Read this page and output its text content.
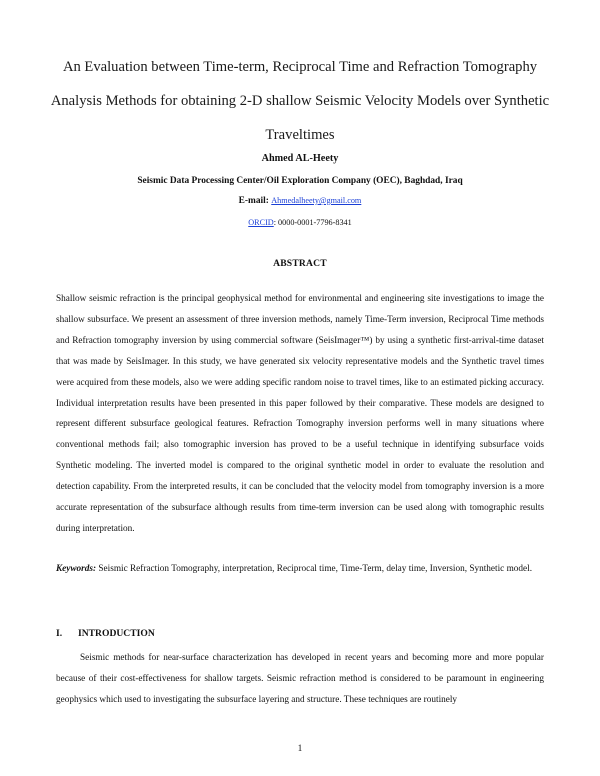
An Evaluation between Time-term, Reciprocal Time and Refraction Tomography Analysis Methods for obtaining 2-D shallow Seismic Velocity Models over Synthetic Traveltimes
Ahmed AL-Heety
Seismic Data Processing Center/Oil Exploration Company (OEC), Baghdad, Iraq
E-mail: Ahmedalheety@gmail.com
ORCID: 0000-0001-7796-8341
ABSTRACT
Shallow seismic refraction is the principal geophysical method for environmental and engineering site investigations to image the shallow subsurface. We present an assessment of three inversion methods, namely Time-Term inversion, Reciprocal Time methods and Refraction tomography inversion by using commercial software (SeisImager™) by using a synthetic first-arrival-time dataset that was made by SeisImager. In this study, we have generated six velocity representative models and the Synthetic travel times were acquired from these models, also we were adding specific random noise to travel times, like to an estimated picking accuracy. Individual interpretation results have been presented in this paper followed by their comparative. These models are designed to represent different subsurface geological features. Refraction Tomography inversion performs well in many situations where conventional methods fail; also tomographic inversion has proved to be a useful technique in identifying subsurface voids Synthetic modeling. The inverted model is compared to the original synthetic model in order to evaluate the resolution and detection capability. From the interpreted results, it can be concluded that the velocity model from tomography inversion is a more accurate representation of the subsurface although results from time-term inversion can be used along with tomographic results during interpretation.
Keywords: Seismic Refraction Tomography, interpretation, Reciprocal time, Time-Term, delay time, Inversion, Synthetic model.
I. INTRODUCTION
Seismic methods for near-surface characterization has developed in recent years and becoming more and more popular because of their cost-effectiveness for shallow targets. Seismic refraction method is considered to be paramount in engineering geophysics which used to investigating the subsurface layering and structure. These techniques are routinely
1
